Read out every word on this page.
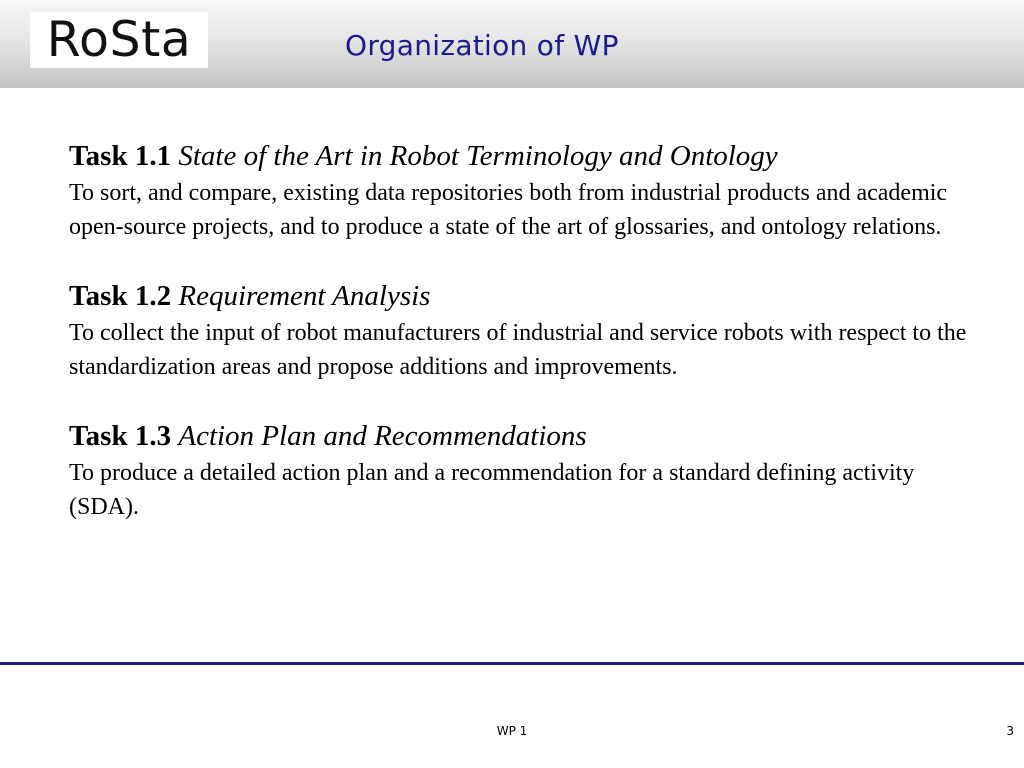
RoSta	Organization of WP
Task 1.1 State of the Art in Robot Terminology and Ontology

To sort, and compare, existing data repositories both from industrial products and academic open-source projects, and to produce a state of the art of glossaries, and ontology relations.

Task 1.2 Requirement Analysis

To collect the input of robot manufacturers of industrial and service robots with respect to the standardization areas and propose additions and improvements.

Task 1.3 Action Plan and Recommendations

To produce a detailed action plan and a recommendation for a standard defining activity (SDA).

WP 1	3
